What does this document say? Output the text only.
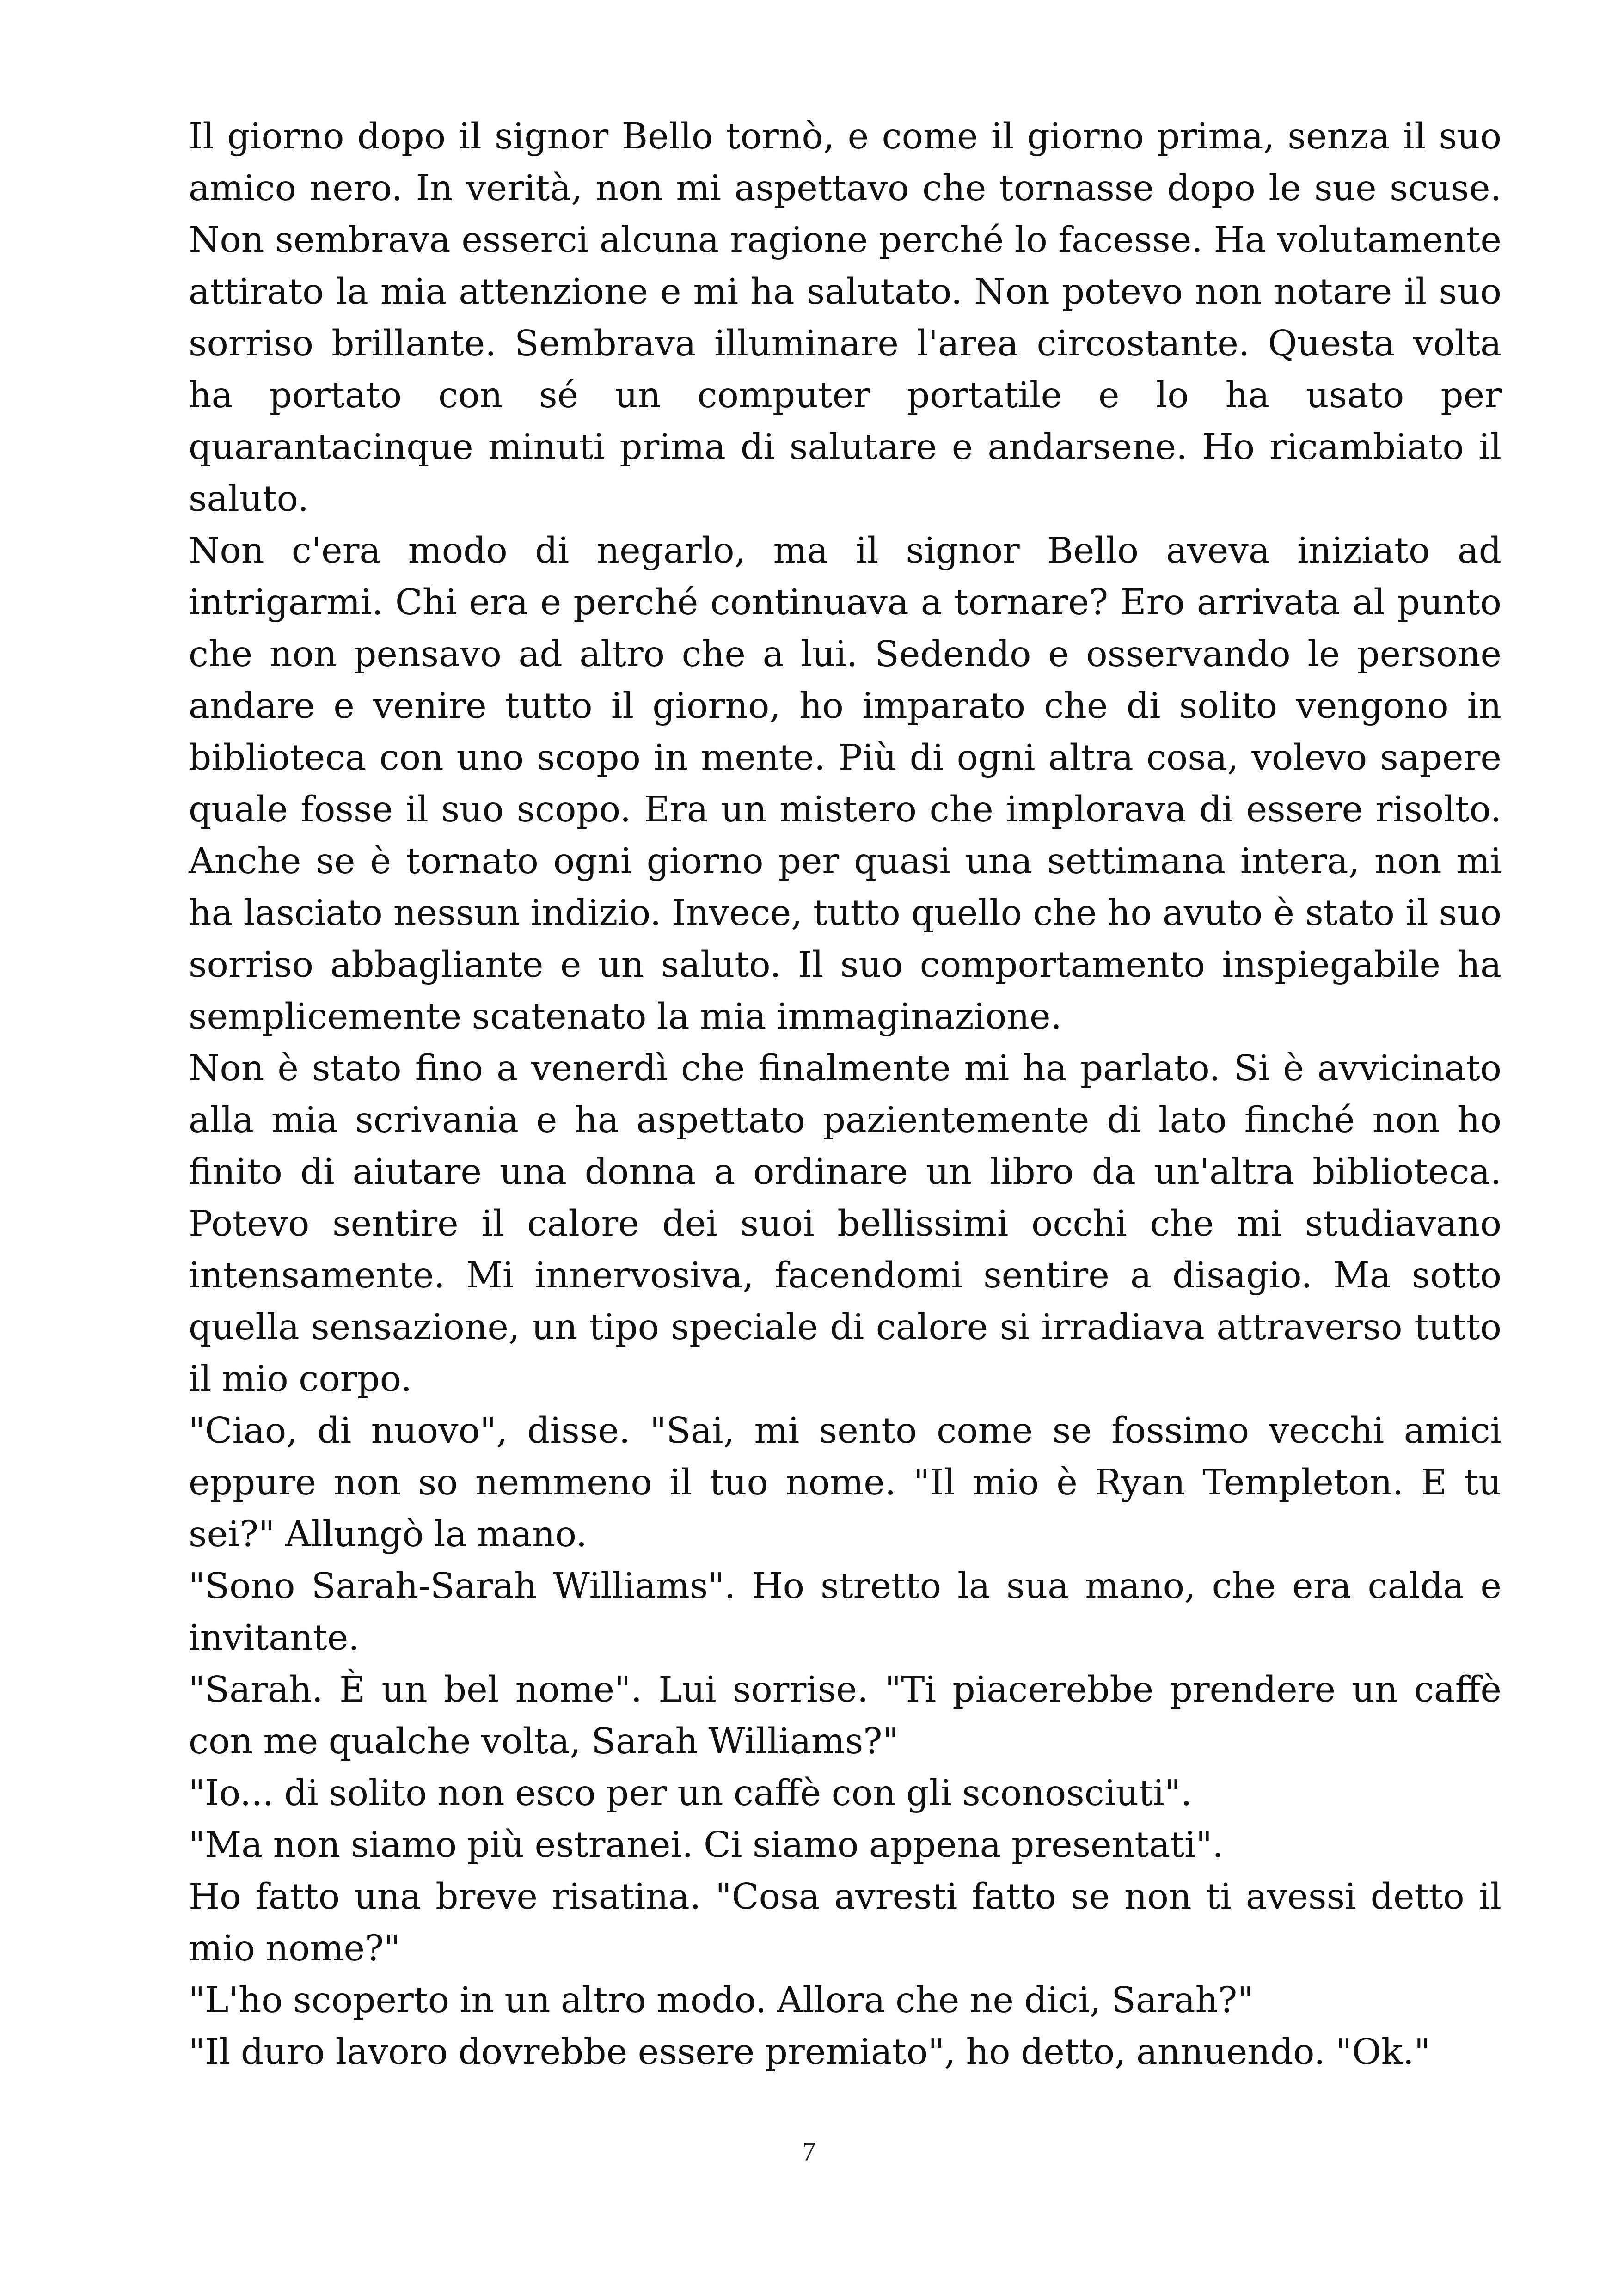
Il giorno dopo il signor Bello tornò, e come il giorno prima, senza il suo amico nero. In verità, non mi aspettavo che tornasse dopo le sue scuse. Non sembrava esserci alcuna ragione perché lo facesse. Ha volutamente attirato la mia attenzione e mi ha salutato. Non potevo non notare il suo sorriso brillante. Sembrava illuminare l'area circostante. Questa volta ha portato con sé un computer portatile e lo ha usato per quarantacinque minuti prima di salutare e andarsene. Ho ricambiato il saluto.

Non c'era modo di negarlo, ma il signor Bello aveva iniziato ad intrigarmi. Chi era e perché continuava a tornare? Ero arrivata al punto che non pensavo ad altro che a lui. Sedendo e osservando le persone andare e venire tutto il giorno, ho imparato che di solito vengono in biblioteca con uno scopo in mente. Più di ogni altra cosa, volevo sapere quale fosse il suo scopo. Era un mistero che implorava di essere risolto. Anche se è tornato ogni giorno per quasi una settimana intera, non mi ha lasciato nessun indizio. Invece, tutto quello che ho avuto è stato il suo sorriso abbagliante e un saluto. Il suo comportamento inspiegabile ha semplicemente scatenato la mia immaginazione.

Non è stato fino a venerdì che finalmente mi ha parlato. Si è avvicinato alla mia scrivania e ha aspettato pazientemente di lato finché non ho finito di aiutare una donna a ordinare un libro da un'altra biblioteca. Potevo sentire il calore dei suoi bellissimi occhi che mi studiavano intensamente. Mi innervosiva, facendomi sentire a disagio. Ma sotto quella sensazione, un tipo speciale di calore si irradiava attraverso tutto il mio corpo.

"Ciao, di nuovo", disse. "Sai, mi sento come se fossimo vecchi amici eppure non so nemmeno il tuo nome. "Il mio è Ryan Templeton. E tu sei?" Allungò la mano.

"Sono Sarah-Sarah Williams". Ho stretto la sua mano, che era calda e invitante.

"Sarah. È un bel nome". Lui sorrise. "Ti piacerebbe prendere un caffè con me qualche volta, Sarah Williams?"

"Io... di solito non esco per un caffè con gli sconosciuti".

"Ma non siamo più estranei. Ci siamo appena presentati".

Ho fatto una breve risatina. "Cosa avresti fatto se non ti avessi detto il mio nome?"

"L'ho scoperto in un altro modo. Allora che ne dici, Sarah?"

"Il duro lavoro dovrebbe essere premiato", ho detto, annuendo. "Ok."

7
